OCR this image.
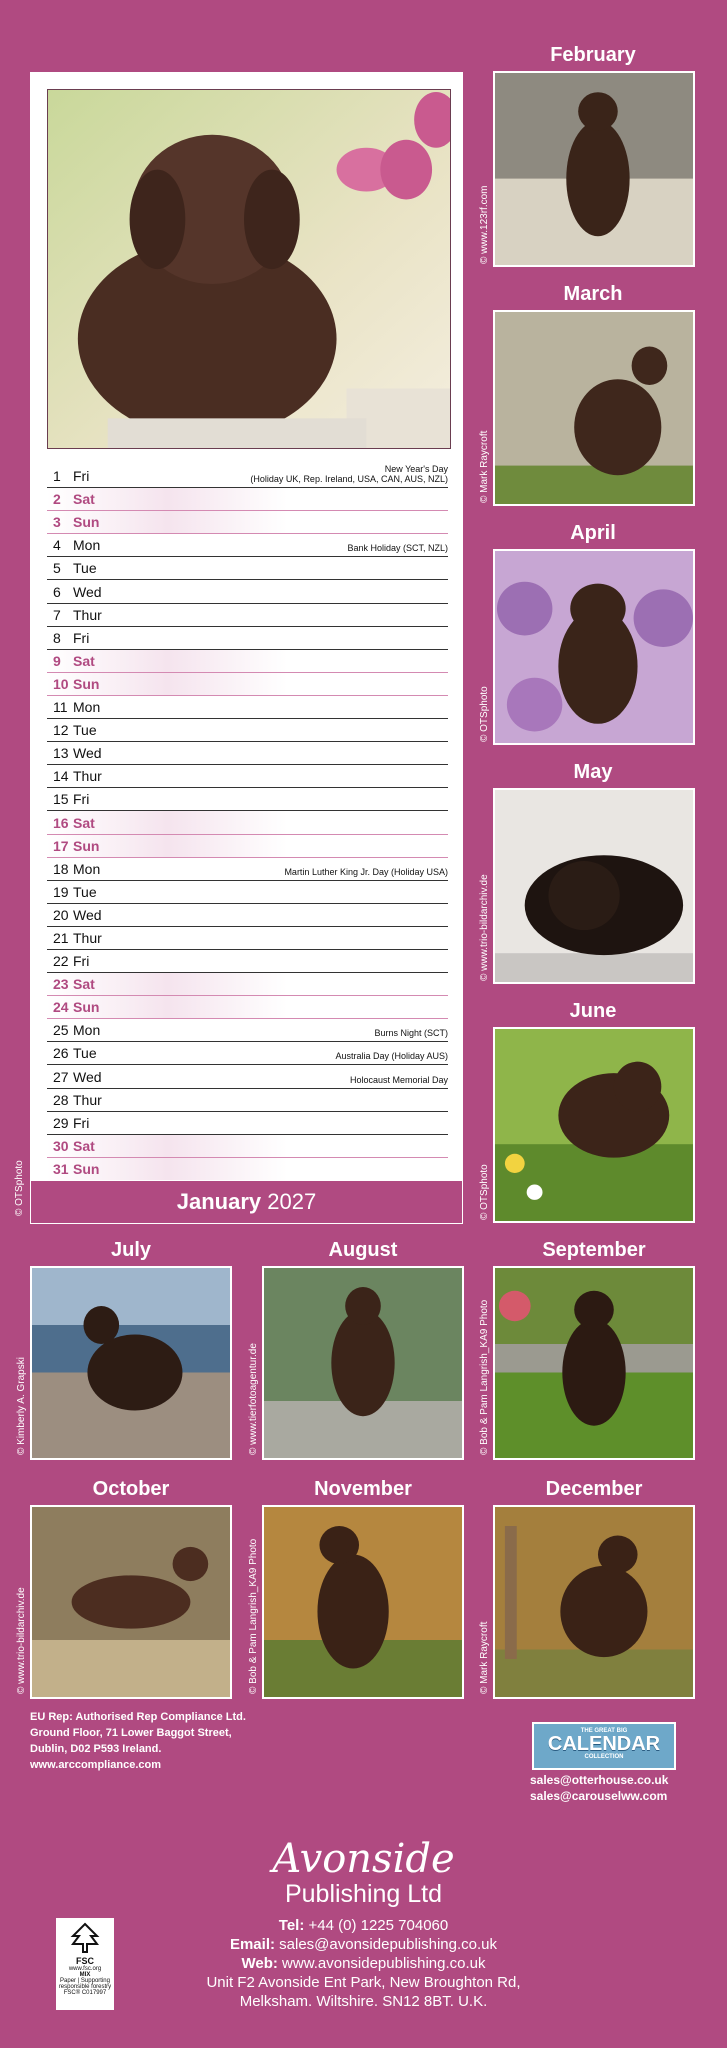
1 Fri	New Year's Day
(Holiday UK, Rep. Ireland, USA, CAN, AUS, NZL)
2 Sat
3 Sun
4 Mon	Bank Holiday (SCT, NZL)
5 Tue
6 Wed
7 Thur
8 Fri
9 Sat
10 Sun
11 Mon
12 Tue
13 Wed
14 Thur
15 Fri
16 Sat
17 Sun
18 Mon	Martin Luther King Jr. Day (Holiday USA)
19 Tue
20 Wed
21 Thur
22 Fri
23 Sat
24 Sun
25 Mon	Burns Night (SCT)
26 Tue	Australia Day (Holiday AUS)
27 Wed	Holocaust Memorial Day
28 Thur
29 Fri
30 Sat
31 Sun
January 2027
© OTSphoto
February
© www.123rf.com
March
© Mark Raycroft
April
© OTSphoto
May
© www.trio-bildarchiv.de
June
© OTSphoto
July
© Kimberly A. Grapski
August
© www.tierfotoagentur.de
September
© Bob & Pam Langrish_KA9 Photo
October
© www.trio-bildarchiv.de
November
© Bob & Pam Langrish_KA9 Photo
December
© Mark Raycroft
EU Rep: Authorised Rep Compliance Ltd.
Ground Floor, 71 Lower Baggot Street,
Dublin, D02 P593 Ireland.
www.arccompliance.com
THE GREAT BIG
CALENDAR
COLLECTION
sales@otterhouse.co.uk
sales@carouselww.com
Avonside
Publishing Ltd
Tel: +44 (0) 1225 704060
Email: sales@avonsidepublishing.co.uk
Web: www.avonsidepublishing.co.uk
Unit F2 Avonside Ent Park, New Broughton Rd,
Melksham. Wiltshire. SN12 8BT. U.K.
FSC
www.fsc.org
MIX
Paper | Supporting responsible forestry
FSC® C017997
